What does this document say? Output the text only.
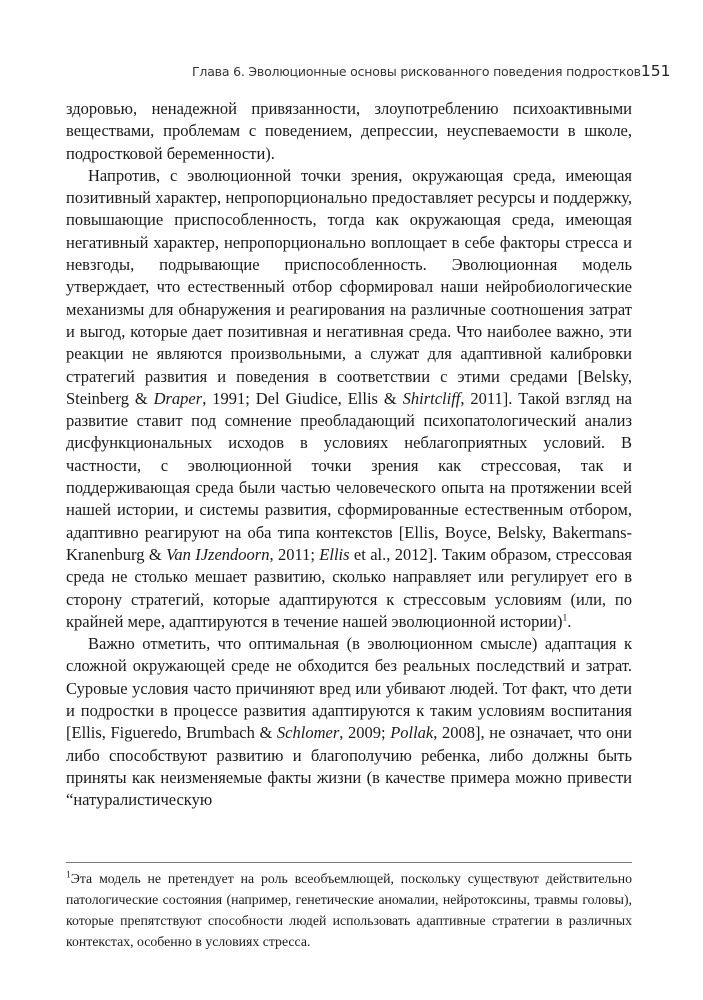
Глава 6. Эволюционные основы рискованного поведения подростков 151

здоровью, ненадежной привязанности, злоупотреблению психоактивными веществами, проблемам с поведением, депрессии, неуспеваемости в школе, подростковой беременности).

Напротив, с эволюционной точки зрения, окружающая среда, имеющая позитивный характер, непропорционально предоставляет ресурсы и поддержку, повышающие приспособленность, тогда как окружающая среда, имеющая негативный характер, непропорционально воплощает в себе факторы стресса и невзгоды, подрывающие приспособленность. Эволюционная модель утверждает, что естественный отбор сформировал наши нейробиологические механизмы для обнаружения и реагирования на различные соотношения затрат и выгод, которые дает позитивная и негативная среда. Что наиболее важно, эти реакции не являются произвольными, а служат для адаптивной калибровки стратегий развития и поведения в соответствии с этими средами [Belsky, Steinberg & Draper, 1991; Del Giudice, Ellis & Shirtcliff, 2011]. Такой взгляд на развитие ставит под сомнение преобладающий психопатологический анализ дисфункциональных исходов в условиях неблагоприятных условий. В частности, с эволюционной точки зрения как стрессовая, так и поддерживающая среда были частью человеческого опыта на протяжении всей нашей истории, и системы развития, сформированные естественным отбором, адаптивно реагируют на оба типа контекстов [Ellis, Boyce, Belsky, Bakermans-Kranenburg & Van IJzendoorn, 2011; Ellis et al., 2012]. Таким образом, стрессовая среда не столько мешает развитию, сколько направляет или регулирует его в сторону стратегий, которые адаптируются к стрессовым условиям (или, по крайней мере, адаптируются в течение нашей эволюционной истории)$^1$.

Важно отметить, что оптимальная (в эволюционном смысле) адаптация к сложной окружающей среде не обходится без реальных последствий и затрат. Суровые условия часто причиняют вред или убивают людей. Тот факт, что дети и подростки в процессе развития адаптируются к таким условиям воспитания [Ellis, Figueredo, Brumbach & Schlomer, 2009; Pollak, 2008], не означает, что они либо способствуют развитию и благополучию ребенка, либо должны быть приняты как неизменяемые факты жизни (в качестве примера можно привести “натуралистическую

$^1$Эта модель не претендует на роль всеобъемлющей, поскольку существуют действительно патологические состояния (например, генетические аномалии, нейротоксины, травмы головы), которые препятствуют способности людей использовать адаптивные стратегии в различных контекстах, особенно в условиях стресса.
